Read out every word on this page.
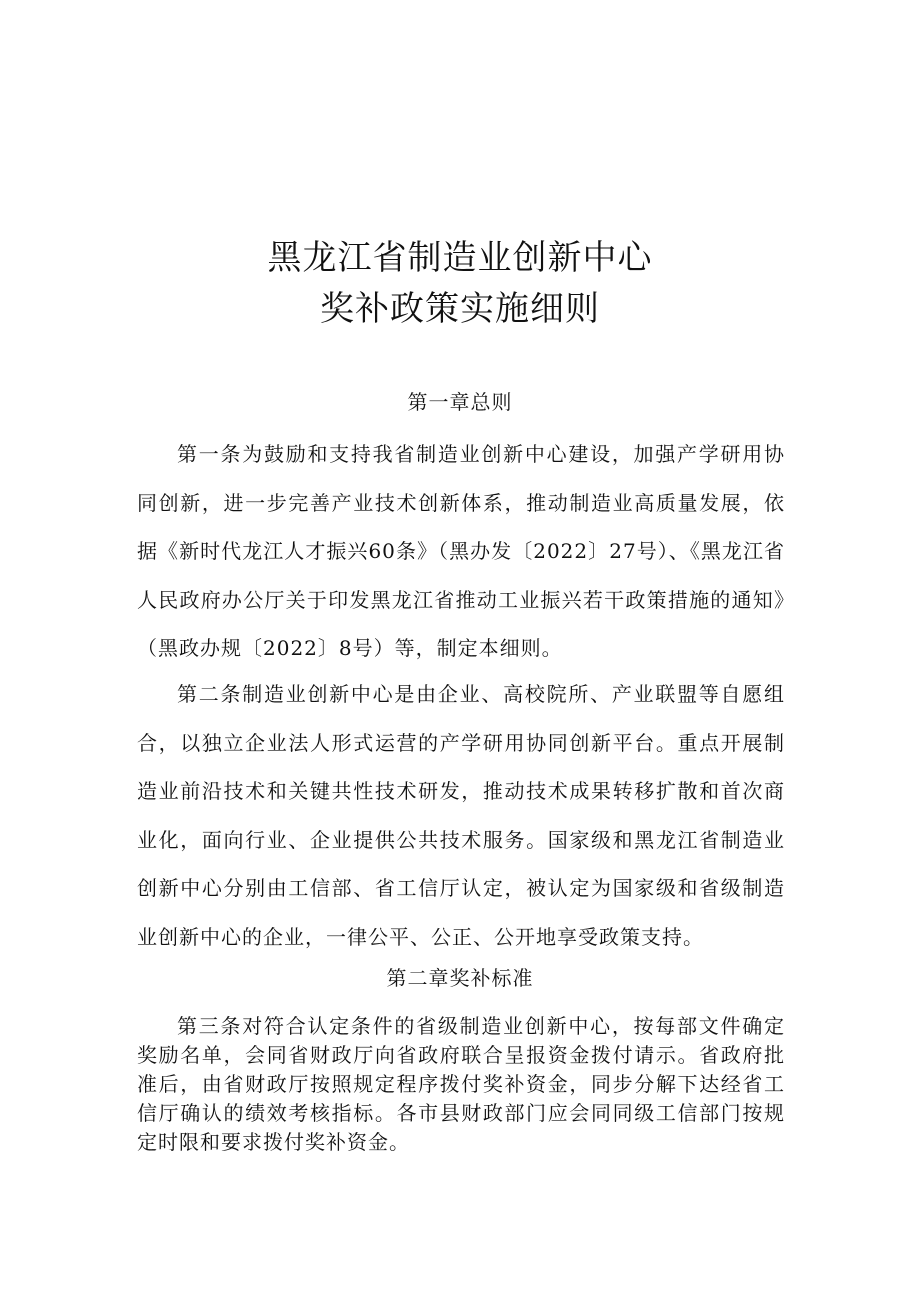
黑龙江省制造业创新中心
奖补政策实施细则
第一章总则

第一条为鼓励和支持我省制造业创新中心建设，加强产学研用协同创新，进一步完善产业技术创新体系，推动制造业高质量发展，依据《新时代龙江人才振兴60条》（黑办发〔2022〕27号）、《黑龙江省人民政府办公厅关于印发黑龙江省推动工业振兴若干政策措施的通知》（黑政办规〔2022〕8号）等，制定本细则。

第二条制造业创新中心是由企业、高校院所、产业联盟等自愿组合，以独立企业法人形式运营的产学研用协同创新平台。重点开展制造业前沿技术和关键共性技术研发，推动技术成果转移扩散和首次商业化，面向行业、企业提供公共技术服务。国家级和黑龙江省制造业创新中心分别由工信部、省工信厅认定，被认定为国家级和省级制造业创新中心的企业，一律公平、公正、公开地享受政策支持。

第二章奖补标准

第三条对符合认定条件的省级制造业创新中心，按每部文件确定奖励名单，会同省财政厅向省政府联合呈报资金拨付请示。省政府批准后，由省财政厅按照规定程序拨付奖补资金，同步分解下达经省工信厅确认的绩效考核指标。各市县财政部门应会同同级工信部门按规定时限和要求拨付奖补资金。
